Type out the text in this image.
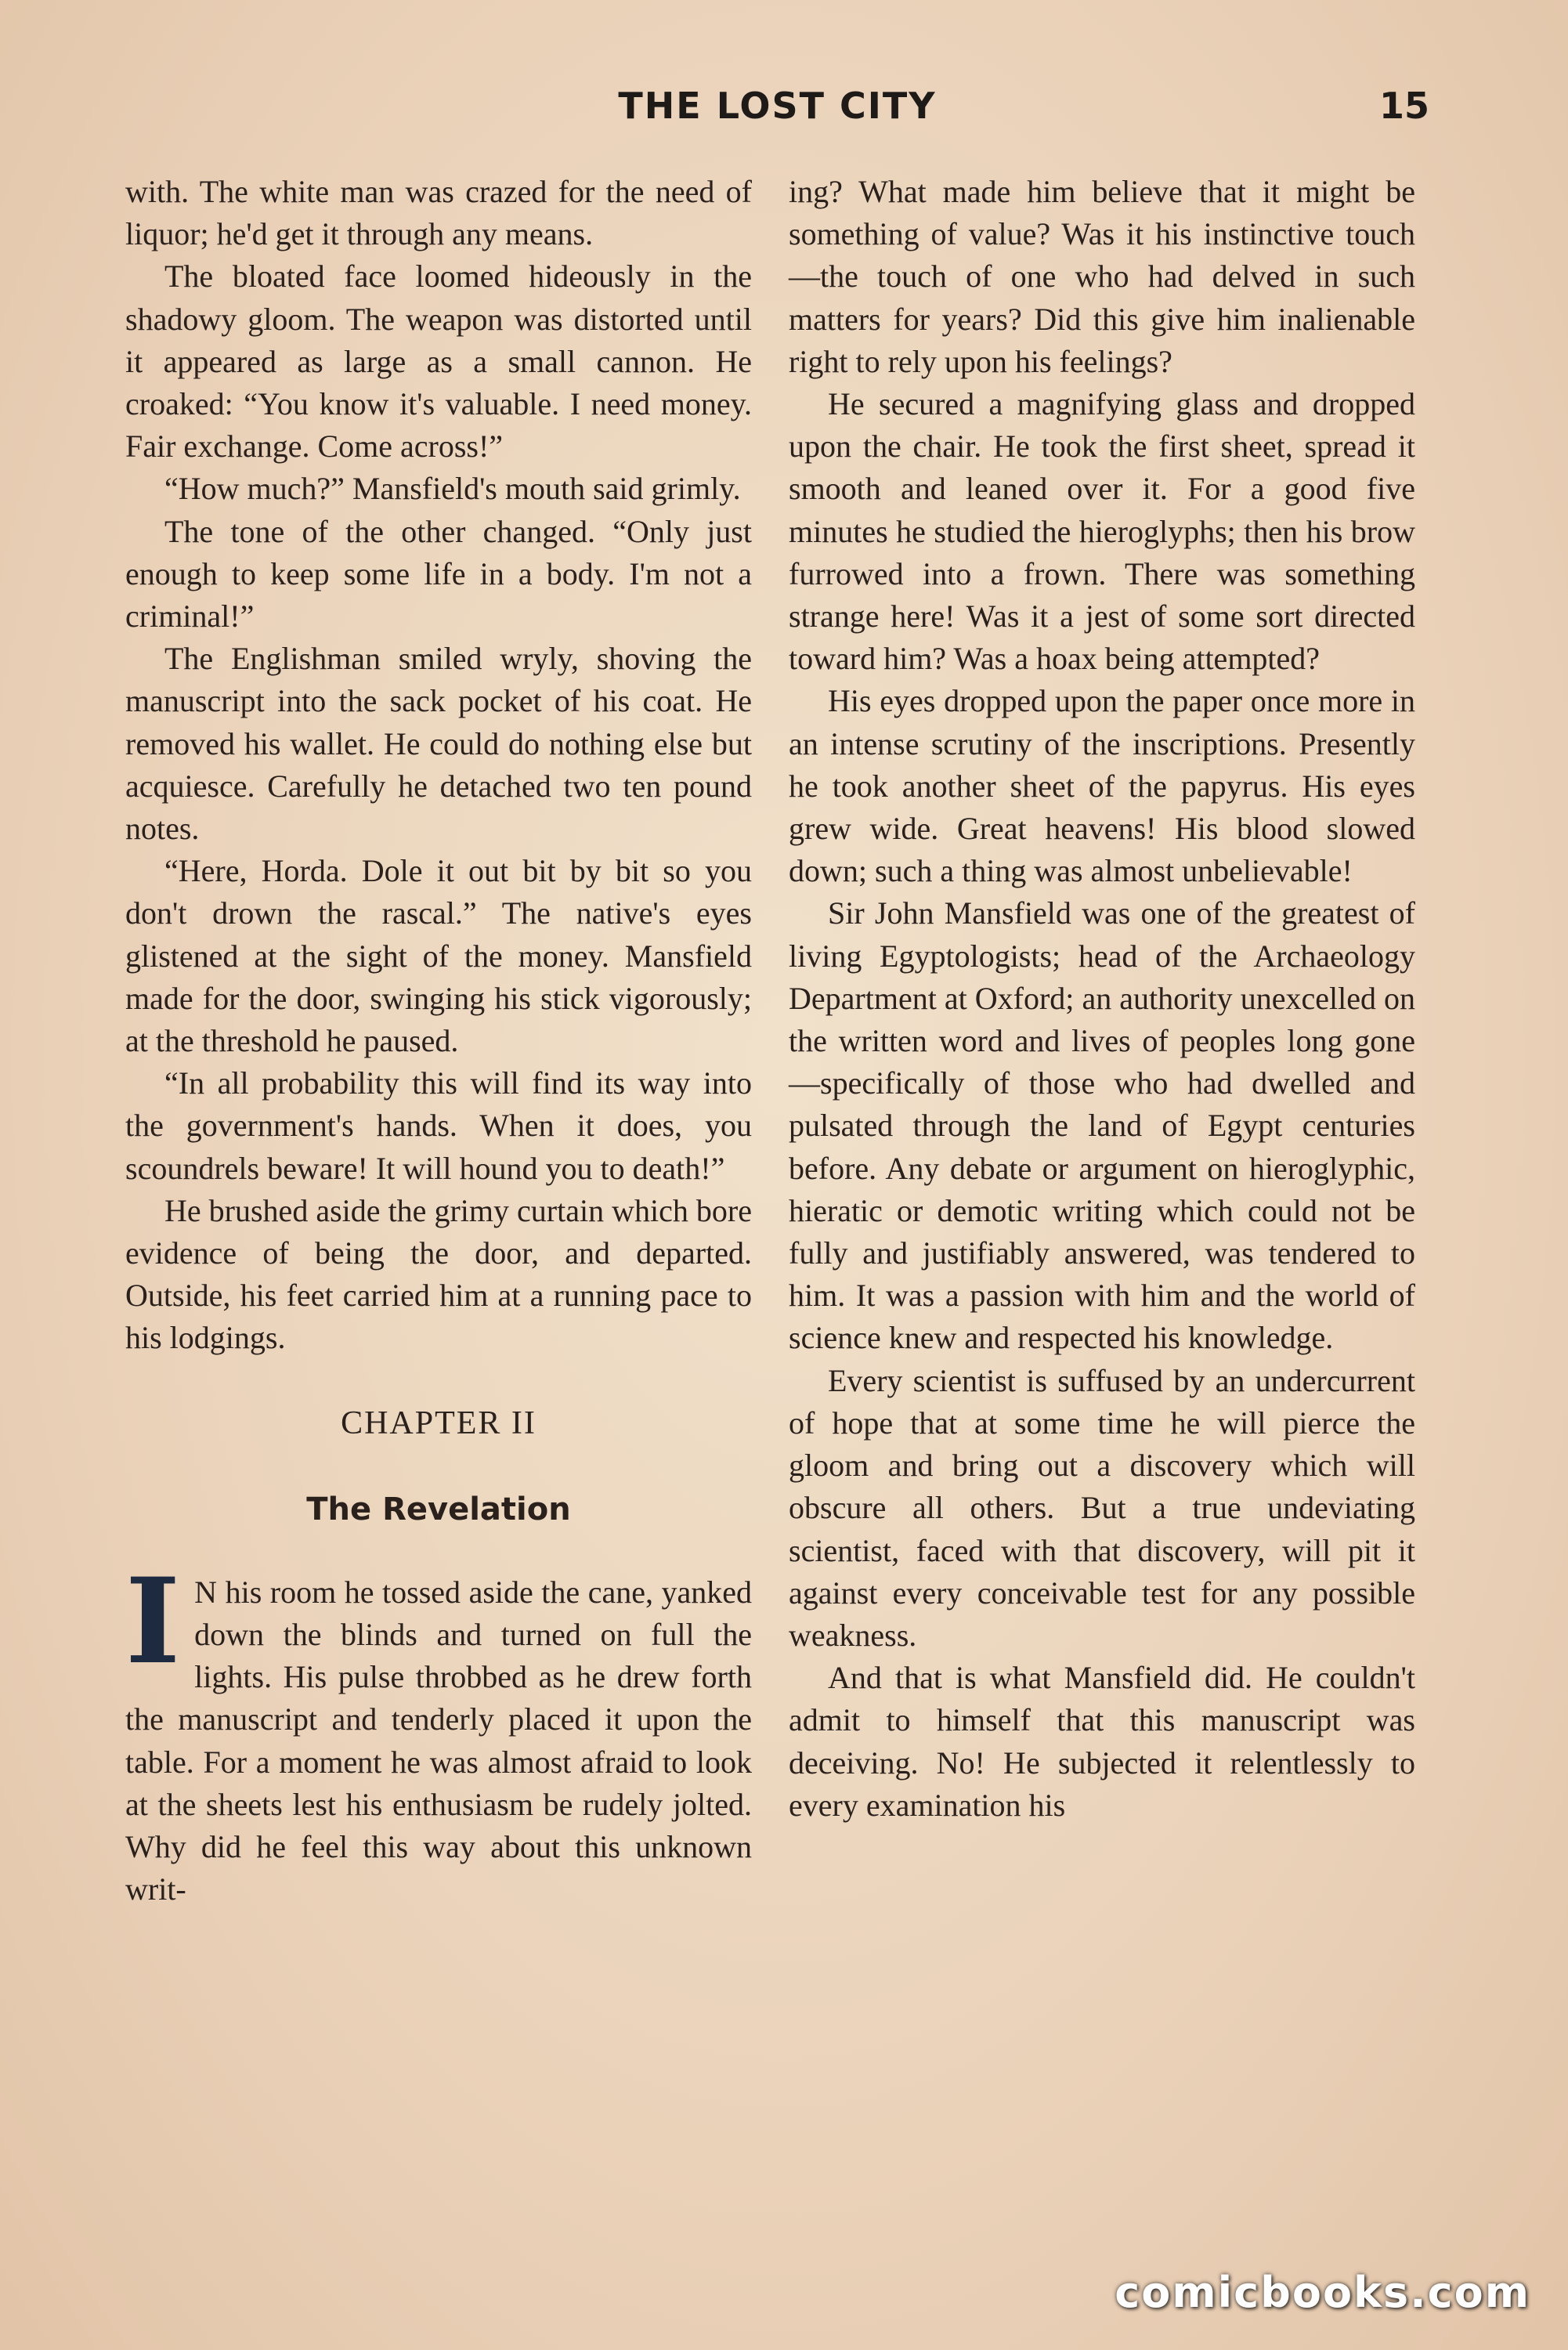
THE LOST CITY	15

with. The white man was crazed for the need of liquor; he'd get it through any means.

The bloated face loomed hideously in the shadowy gloom. The weapon was distorted until it appeared as large as a small cannon. He croaked: “You know it's valuable. I need money. Fair exchange. Come across!”

“How much?” Mansfield's mouth said grimly.

The tone of the other changed. “Only just enough to keep some life in a body. I'm not a criminal!”

The Englishman smiled wryly, shoving the manuscript into the sack pocket of his coat. He removed his wallet. He could do nothing else but acquiesce. Carefully he detached two ten pound notes.

“Here, Horda. Dole it out bit by bit so you don't drown the rascal.” The native's eyes glistened at the sight of the money. Mansfield made for the door, swinging his stick vigorously; at the threshold he paused.

“In all probability this will find its way into the government's hands. When it does, you scoundrels beware! It will hound you to death!”

He brushed aside the grimy curtain which bore evidence of being the door, and departed. Outside, his feet carried him at a running pace to his lodgings.

CHAPTER II
The Revelation

I N his room he tossed aside the cane, yanked down the blinds and turned on full the lights. His pulse throbbed as he drew forth the manuscript and tenderly placed it upon the table. For a moment he was almost afraid to look at the sheets lest his enthusiasm be rudely jolted. Why did he feel this way about this unknown writ-

ing? What made him believe that it might be something of value? Was it his instinctive touch—the touch of one who had delved in such matters for years? Did this give him inalienable right to rely upon his feelings?

He secured a magnifying glass and dropped upon the chair. He took the first sheet, spread it smooth and leaned over it. For a good five minutes he studied the hieroglyphs; then his brow furrowed into a frown. There was something strange here! Was it a jest of some sort directed toward him? Was a hoax being attempted?

His eyes dropped upon the paper once more in an intense scrutiny of the inscriptions. Presently he took another sheet of the papyrus. His eyes grew wide. Great heavens! His blood slowed down; such a thing was almost unbelievable!

Sir John Mansfield was one of the greatest of living Egyptologists; head of the Archaeology Department at Oxford; an authority unexcelled on the written word and lives of peoples long gone—specifically of those who had dwelled and pulsated through the land of Egypt centuries before. Any debate or argument on hieroglyphic, hieratic or demotic writing which could not be fully and justifiably answered, was tendered to him. It was a passion with him and the world of science knew and respected his knowledge.

Every scientist is suffused by an undercurrent of hope that at some time he will pierce the gloom and bring out a discovery which will obscure all others. But a true undeviating scientist, faced with that discovery, will pit it against every conceivable test for any possible weakness.

And that is what Mansfield did. He couldn't admit to himself that this manuscript was deceiving. No! He subjected it relentlessly to every examination his

comicbooks.com
